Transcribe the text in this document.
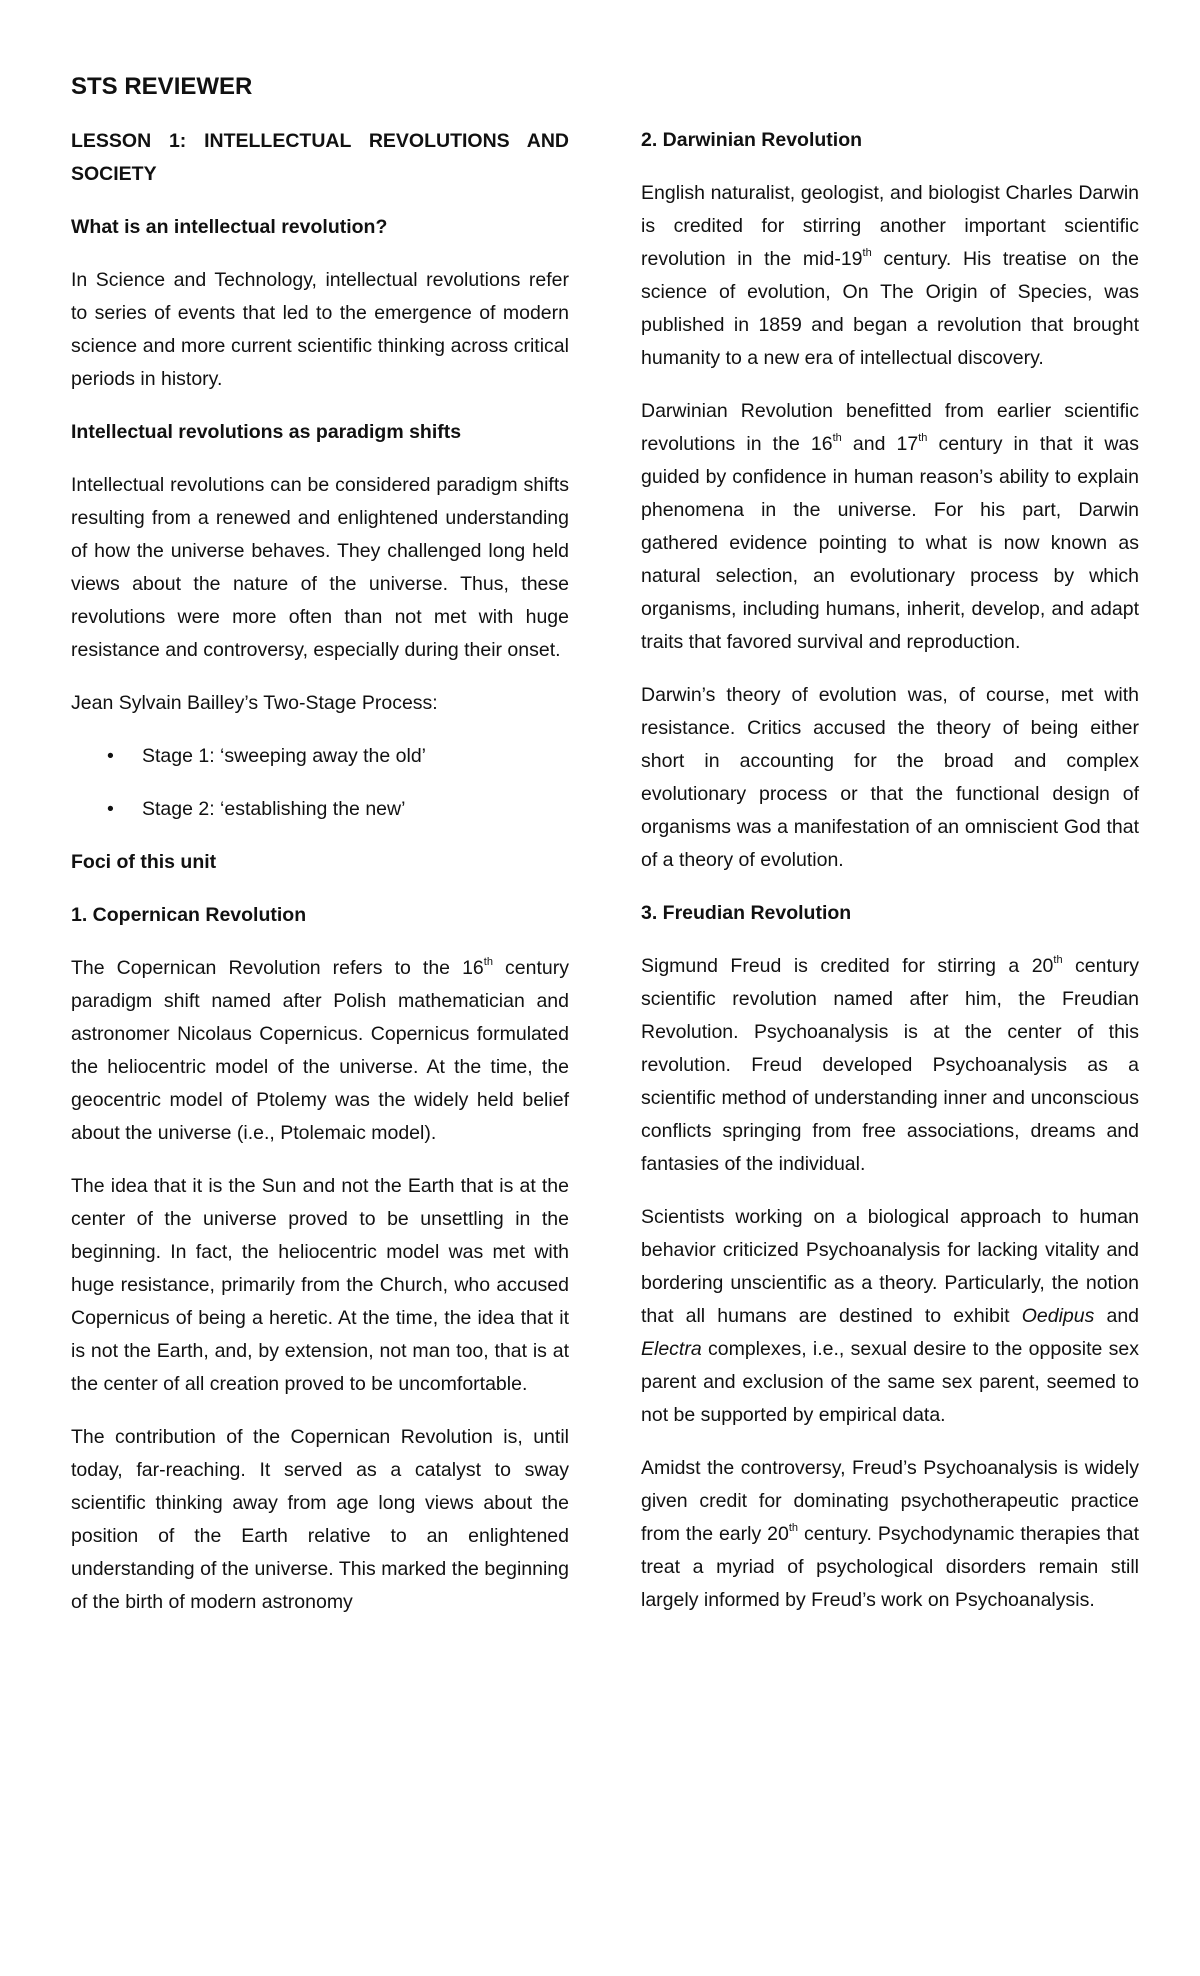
STS REVIEWER

LESSON 1: INTELLECTUAL REVOLUTIONS AND SOCIETY

What is an intellectual revolution?

In Science and Technology, intellectual revolutions refer to series of events that led to the emergence of modern science and more current scientific thinking across critical periods in history.

Intellectual revolutions as paradigm shifts

Intellectual revolutions can be considered paradigm shifts resulting from a renewed and enlightened understanding of how the universe behaves. They challenged long held views about the nature of the universe. Thus, these revolutions were more often than not met with huge resistance and controversy, especially during their onset.

Jean Sylvain Bailley’s Two-Stage Process:

• Stage 1: ‘sweeping away the old’
• Stage 2: ‘establishing the new’

Foci of this unit

1. Copernican Revolution

The Copernican Revolution refers to the 16th century paradigm shift named after Polish mathematician and astronomer Nicolaus Copernicus. Copernicus formulated the heliocentric model of the universe. At the time, the geocentric model of Ptolemy was the widely held belief about the universe (i.e., Ptolemaic model).

The idea that it is the Sun and not the Earth that is at the center of the universe proved to be unsettling in the beginning. In fact, the heliocentric model was met with huge resistance, primarily from the Church, who accused Copernicus of being a heretic. At the time, the idea that it is not the Earth, and, by extension, not man too, that is at the center of all creation proved to be uncomfortable.

The contribution of the Copernican Revolution is, until today, far-reaching. It served as a catalyst to sway scientific thinking away from age long views about the position of the Earth relative to an enlightened understanding of the universe. This marked the beginning of the birth of modern astronomy

2. Darwinian Revolution

English naturalist, geologist, and biologist Charles Darwin is credited for stirring another important scientific revolution in the mid-19th century. His treatise on the science of evolution, On The Origin of Species, was published in 1859 and began a revolution that brought humanity to a new era of intellectual discovery.

Darwinian Revolution benefitted from earlier scientific revolutions in the 16th and 17th century in that it was guided by confidence in human reason’s ability to explain phenomena in the universe. For his part, Darwin gathered evidence pointing to what is now known as natural selection, an evolutionary process by which organisms, including humans, inherit, develop, and adapt traits that favored survival and reproduction.

Darwin’s theory of evolution was, of course, met with resistance. Critics accused the theory of being either short in accounting for the broad and complex evolutionary process or that the functional design of organisms was a manifestation of an omniscient God that of a theory of evolution.

3. Freudian Revolution

Sigmund Freud is credited for stirring a 20th century scientific revolution named after him, the Freudian Revolution. Psychoanalysis is at the center of this revolution. Freud developed Psychoanalysis as a scientific method of understanding inner and unconscious conflicts springing from free associations, dreams and fantasies of the individual.

Scientists working on a biological approach to human behavior criticized Psychoanalysis for lacking vitality and bordering unscientific as a theory. Particularly, the notion that all humans are destined to exhibit Oedipus and Electra complexes, i.e., sexual desire to the opposite sex parent and exclusion of the same sex parent, seemed to not be supported by empirical data.

Amidst the controversy, Freud’s Psychoanalysis is widely given credit for dominating psychotherapeutic practice from the early 20th century. Psychodynamic therapies that treat a myriad of psychological disorders remain still largely informed by Freud’s work on Psychoanalysis.
